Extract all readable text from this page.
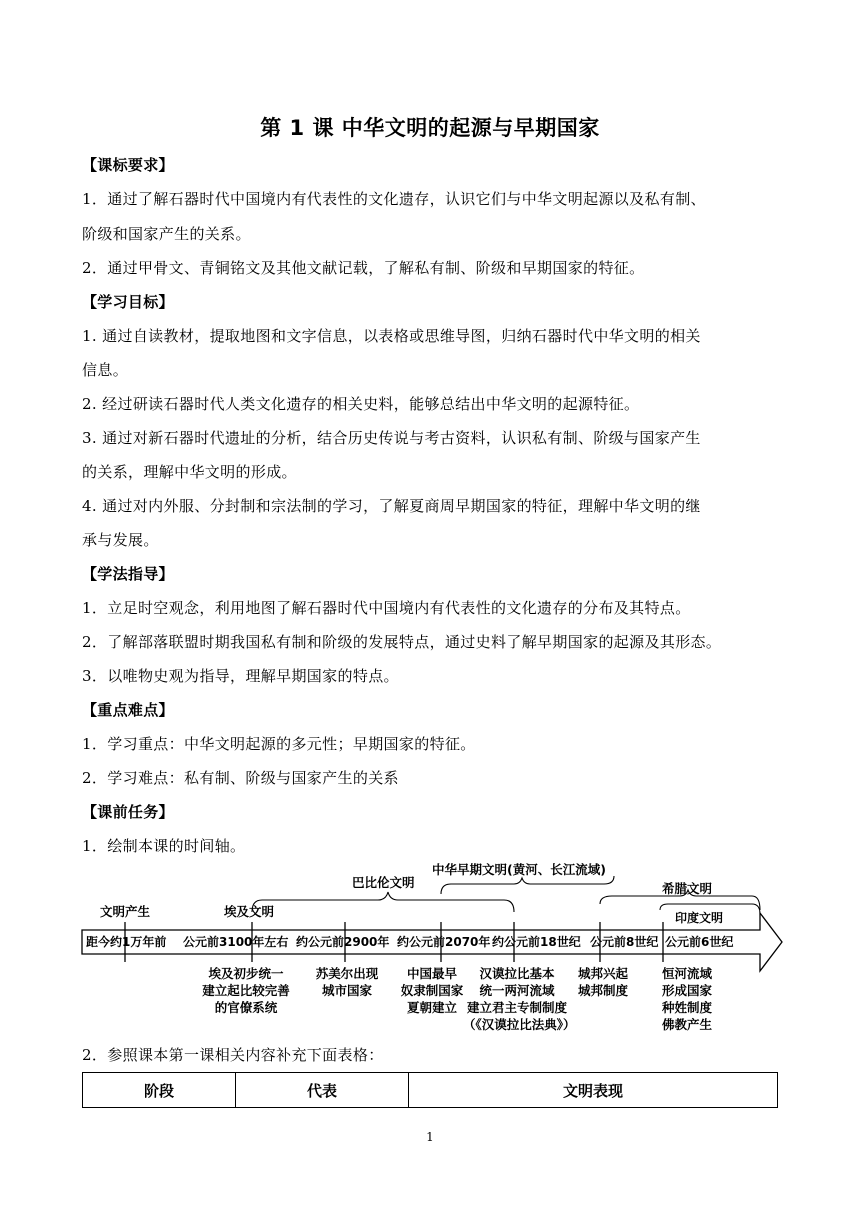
第 1 课 中华文明的起源与早期国家
【课标要求】
1．通过了解石器时代中国境内有代表性的文化遗存，认识它们与中华文明起源以及私有制、
阶级和国家产生的关系。
2．通过甲骨文、青铜铭文及其他文献记载，了解私有制、阶级和早期国家的特征。
【学习目标】
1. 通过自读教材，提取地图和文字信息，以表格或思维导图，归纳石器时代中华文明的相关
信息。
2. 经过研读石器时代人类文化遗存的相关史料，能够总结出中华文明的起源特征。
3. 通过对新石器时代遗址的分析，结合历史传说与考古资料，认识私有制、阶级与国家产生
的关系，理解中华文明的形成。
4. 通过对内外服、分封制和宗法制的学习，了解夏商周早期国家的特征，理解中华文明的继
承与发展。
【学法指导】
1．立足时空观念，利用地图了解石器时代中国境内有代表性的文化遗存的分布及其特点。
2．了解部落联盟时期我国私有制和阶级的发展特点，通过史料了解早期国家的起源及其形态。
3．以唯物史观为指导，理解早期国家的特点。
【重点难点】
1．学习重点：中华文明起源的多元性；早期国家的特征。
2．学习难点：私有制、阶级与国家产生的关系
【课前任务】
1．绘制本课的时间轴。
文明产生	埃及文明
巴比伦文明
中华早期文明(黄河、长江流域)
希腊文明
印度文明
距今约1万年前 公元前3100年左右 约公元前2900年 约公元前2070年 约公元前18世纪 公元前8世纪 公元前6世纪
埃及初步统一
建立起比较完善
的官僚系统
苏美尔出现
城市国家
中国最早
奴隶制国家
夏朝建立
汉谟拉比基本
统一两河流域
建立君主专制制度
（《汉谟拉比法典》）
城邦兴起
城邦制度
恒河流域
形成国家
种姓制度
佛教产生
2．参照课本第一课相关内容补充下面表格：
阶段	代表	文明表现
1
